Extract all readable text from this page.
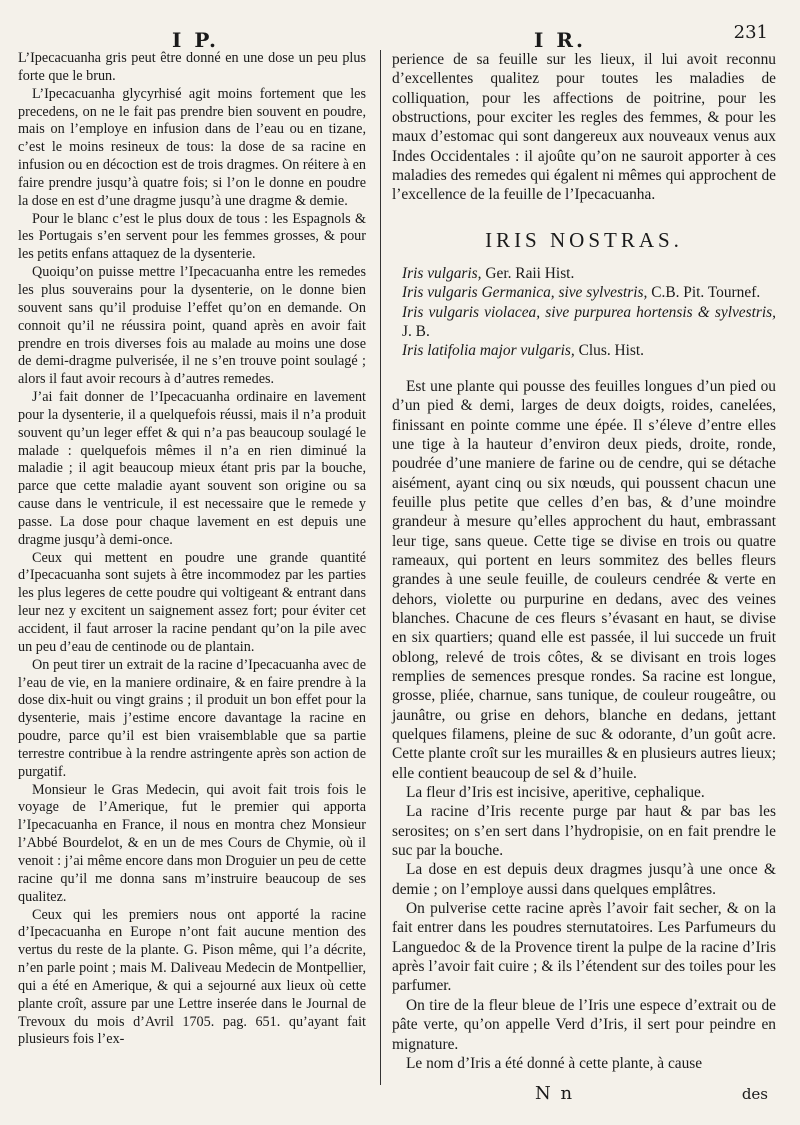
I P.	I R.	231

L’Ipecacuanha gris peut être donné en une dose un peu plus forte que le brun.

L’Ipecacuanha glycyrhisé agit moins fortement que les precedens, on ne le fait pas prendre bien souvent en poudre, mais on l’employe en infusion dans de l’eau ou en tizane, c’est le moins resineux de tous: la dose de sa racine en infusion ou en décoction est de trois dragmes. On réitere à en faire prendre jusqu’à quatre fois; si l’on le donne en poudre la dose en est d’une dragme jusqu’à une dragme & demie.

Pour le blanc c’est le plus doux de tous : les Espagnols & les Portugais s’en servent pour les femmes grosses, & pour les petits enfans attaquez de la dysenterie.

Quoiqu’on puisse mettre l’Ipecacuanha entre les remedes les plus souverains pour la dysenterie, on le donne bien souvent sans qu’il produise l’effet qu’on en demande. On connoit qu’il ne réussira point, quand après en avoir fait prendre en trois diverses fois au malade au moins une dose de demi-dragme pulverisée, il ne s’en trouve point soulagé ; alors il faut avoir recours à d’autres remedes.

J’ai fait donner de l’Ipecacuanha ordinaire en lavement pour la dysenterie, il a quelquefois réussi, mais il n’a produit souvent qu’un leger effet & qui n’a pas beaucoup soulagé le malade : quelquefois mêmes il n’a en rien diminué la maladie ; il agit beaucoup mieux étant pris par la bouche, parce que cette maladie ayant souvent son origine ou sa cause dans le ventricule, il est necessaire que le remede y passe. La dose pour chaque lavement en est depuis une dragme jusqu’à demi-once.

Ceux qui mettent en poudre une grande quantité d’Ipecacuanha sont sujets à être incommodez par les parties les plus legeres de cette poudre qui voltigeant & entrant dans leur nez y excitent un saignement assez fort; pour éviter cet accident, il faut arroser la racine pendant qu’on la pile avec un peu d’eau de centinode ou de plantain.

On peut tirer un extrait de la racine d’Ipecacuanha avec de l’eau de vie, en la maniere ordinaire, & en faire prendre à la dose dix-huit ou vingt grains ; il produit un bon effet pour la dysenterie, mais j’estime encore davantage la racine en poudre, parce qu’il est bien vraisemblable que sa partie terrestre contribue à la rendre astringente après son action de purgatif.

Monsieur le Gras Medecin, qui avoit fait trois fois le voyage de l’Amerique, fut le premier qui apporta l’Ipecacuanha en France, il nous en montra chez Monsieur l’Abbé Bourdelot, & en un de mes Cours de Chymie, où il venoit : j’ai même encore dans mon Droguier un peu de cette racine qu’il me donna sans m’instruire beaucoup de ses qualitez.

Ceux qui les premiers nous ont apporté la racine d’Ipecacuanha en Europe n’ont fait aucune mention des vertus du reste de la plante. G. Pison même, qui l’a décrite, n’en parle point ; mais M. Daliveau Medecin de Montpellier, qui a été en Amerique, & qui a sejourné aux lieux où cette plante croît, assure par une Lettre inserée dans le Journal de Trevoux du mois d’Avril 1705. pag. 651. qu’ayant fait plusieurs fois l’ex-

perience de sa feuille sur les lieux, il lui avoit reconnu d’excellentes qualitez pour toutes les maladies de colliquation, pour les affections de poitrine, pour les obstructions, pour exciter les regles des femmes, & pour les maux d’estomac qui sont dangereux aux nouveaux venus aux Indes Occidentales : il ajoûte qu’on ne sauroit apporter à ces maladies des remedes qui égalent ni mêmes qui approchent de l’excellence de la feuille de l’Ipecacuanha.

IRIS NOSTRAS.

Iris vulgaris, Ger. Raii Hist.

Iris vulgaris Germanica, sive sylvestris, C.B. Pit. Tournef.

Iris vulgaris violacea, sive purpurea hortensis & sylvestris, J. B.

Iris latifolia major vulgaris, Clus. Hist.

Est une plante qui pousse des feuilles longues d’un pied ou d’un pied & demi, larges de deux doigts, roides, canelées, finissant en pointe comme une épée. Il s’éleve d’entre elles une tige à la hauteur d’environ deux pieds, droite, ronde, poudrée d’une maniere de farine ou de cendre, qui se détache aisément, ayant cinq ou six nœuds, qui poussent chacun une feuille plus petite que celles d’en bas, & d’une moindre grandeur à mesure qu’elles approchent du haut, embrassant leur tige, sans queue. Cette tige se divise en trois ou quatre rameaux, qui portent en leurs sommitez des belles fleurs grandes à une seule feuille, de couleurs cendrée & verte en dehors, violette ou purpurine en dedans, avec des veines blanches. Chacune de ces fleurs s’évasant en haut, se divise en six quartiers; quand elle est passée, il lui succede un fruit oblong, relevé de trois côtes, & se divisant en trois loges remplies de semences presque rondes. Sa racine est longue, grosse, pliée, charnue, sans tunique, de couleur rougeâtre, ou jaunâtre, ou grise en dehors, blanche en dedans, jettant quelques filamens, pleine de suc & odorante, d’un goût acre. Cette plante croît sur les murailles & en plusieurs autres lieux; elle contient beaucoup de sel & d’huile.

La fleur d’Iris est incisive, aperitive, cephalique.

La racine d’Iris recente purge par haut & par bas les serosites; on s’en sert dans l’hydropisie, on en fait prendre le suc par la bouche.

La dose en est depuis deux dragmes jusqu’à une once & demie ; on l’employe aussi dans quelques emplâtres.

On pulverise cette racine après l’avoir fait secher, & on la fait entrer dans les poudres sternutatoires. Les Parfumeurs du Languedoc & de la Provence tirent la pulpe de la racine d’Iris après l’avoir fait cuire ; & ils l’étendent sur des toiles pour les parfumer.

On tire de la fleur bleue de l’Iris une espece d’extrait ou de pâte verte, qu’on appelle Verd d’Iris, il sert pour peindre en mignature.

Le nom d’Iris a été donné à cette plante, à cause

N n	des
